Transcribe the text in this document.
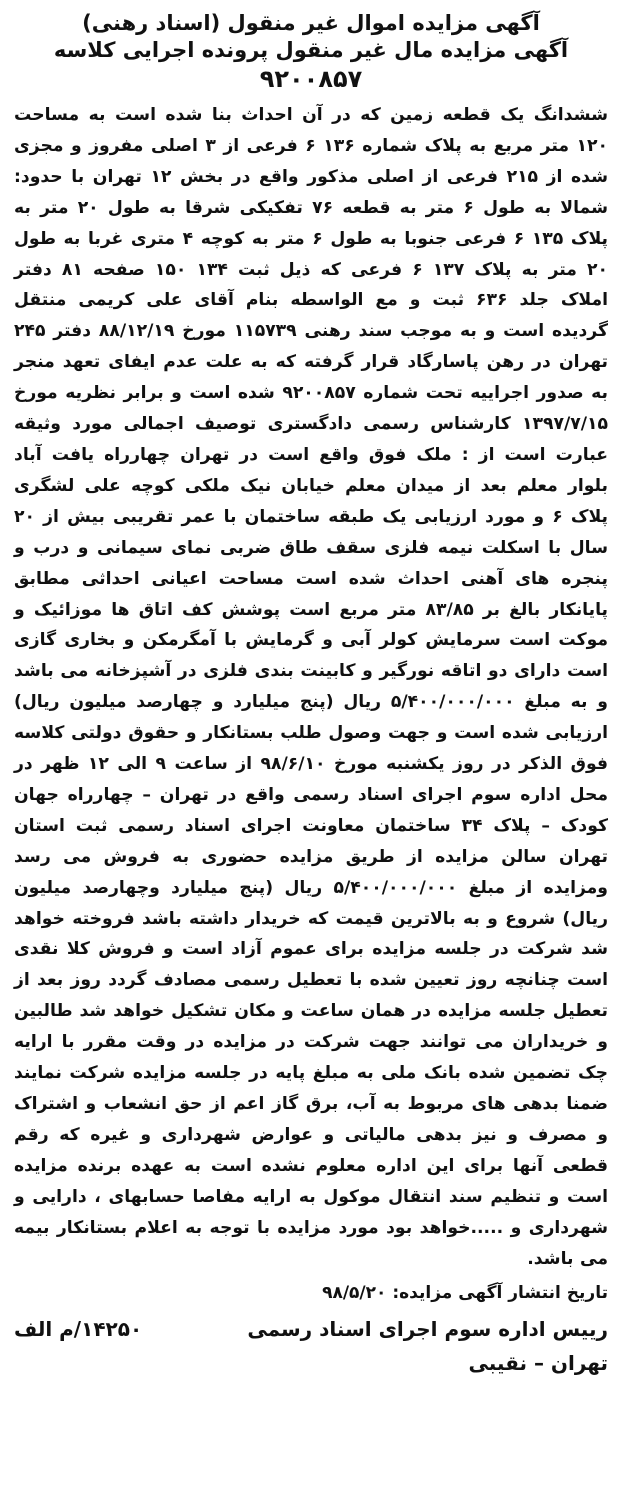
آگهی مزایده اموال غیر منقول (اسناد رهنی)
آگهی مزایده مال غیر منقول پرونده اجرایی کلاسه
۹۲۰۰۸۵۷
ششدانگ یک قطعه زمین که در آن احداث بنا شده است به مساحت ۱۲۰ متر مربع به پلاک شماره ۱۳۶ ۶ فرعی از ۳ اصلی مفروز و مجزی شده از ۲۱۵ فرعی از اصلی مذکور واقع در بخش ۱۲ تهران با حدود: شمالا به طول ۶ متر به قطعه ۷۶ تفکیکی شرقا به طول ۲۰ متر به پلاک ۱۳۵ ۶ فرعی جنوبا به طول ۶ متر به کوچه ۴ متری غربا به طول ۲۰ متر به پلاک ۱۳۷ ۶ فرعی که ذیل ثبت ۱۳۴ ۱۵۰ صفحه ۸۱ دفتر املاک جلد ۶۳۶ ثبت و مع الواسطه بنام آقای علی کریمی منتقل گردیده است و به موجب سند رهنی ۱۱۵۷۳۹ مورخ ۸۸/۱۲/۱۹ دفتر ۲۴۵ تهران در رهن پاسارگاد قرار گرفته که به علت عدم ایفای تعهد منجر به صدور اجراییه تحت شماره ۹۲۰۰۸۵۷ شده است و برابر نظریه مورخ ۱۳۹۷/۷/۱۵ کارشناس رسمی دادگستری توصیف اجمالی مورد وثیقه عبارت است از : ملک فوق واقع است در تهران چهارراه یافت آباد بلوار معلم بعد از میدان معلم خیابان نیک ملکی کوچه علی لشگری پلاک ۶ و مورد ارزیابی یک طبقه ساختمان با عمر تقریبی بیش از ۲۰ سال با اسکلت نیمه فلزی سقف طاق ضربی نمای سیمانی و درب و پنجره های آهنی احداث شده است مساحت اعیانی احداثی مطابق پایانکار بالغ بر ۸۳/۸۵ متر مربع است پوشش کف اتاق ها موزائیک و موکت است سرمایش کولر آبی و گرمایش با آمگرمکن و بخاری گازی است دارای دو اتاقه نورگیر و کابینت بندی فلزی در آشپزخانه می باشد و به مبلغ ۵/۴۰۰/۰۰۰/۰۰۰ ریال (پنج میلیارد و چهارصد میلیون ریال) ارزیابی شده است و جهت وصول طلب بستانکار و حقوق دولتی کلاسه فوق الذکر در روز یکشنبه مورخ ۹۸/۶/۱۰ از ساعت ۹ الی ۱۲ ظهر در محل اداره سوم اجرای اسناد رسمی واقع در تهران – چهارراه جهان کودک – پلاک ۳۴ ساختمان معاونت اجرای اسناد رسمی ثبت استان تهران سالن مزایده از طریق مزایده حضوری به فروش می رسد ومزایده از مبلغ ۵/۴۰۰/۰۰۰/۰۰۰ ریال (پنج میلیارد وچهارصد میلیون ریال) شروع و به بالاترین قیمت که خریدار داشته باشد فروخته خواهد شد شرکت در جلسه مزایده برای عموم آزاد است و فروش کلا نقدی است چنانچه روز تعیین شده با تعطیل رسمی مصادف گردد روز بعد از تعطیل جلسه مزایده در همان ساعت و مکان تشکیل خواهد شد طالبین و خریداران می توانند جهت شرکت در مزایده در وقت مقرر با ارایه چک تضمین شده بانک ملی به مبلغ پایه در جلسه مزایده شرکت نمایند ضمنا بدهی های مربوط به آب، برق گاز اعم از حق انشعاب و اشتراک و مصرف و نیز بدهی مالیاتی و عوارض شهرداری و غیره که رقم قطعی آنها برای این اداره معلوم نشده است به عهده برنده مزایده است و تنظیم سند انتقال موکول به ارایه مفاصا حسابهای ، دارایی و شهرداری و .....خواهد بود مورد مزایده با توجه به اعلام بستانکار بیمه می باشد.
تاریخ انتشار آگهی مزایده: ۹۸/۵/۲۰
رییس اداره سوم اجرای اسناد رسمی
تهران – نقیبی
۱۴۲۵۰/م الف
